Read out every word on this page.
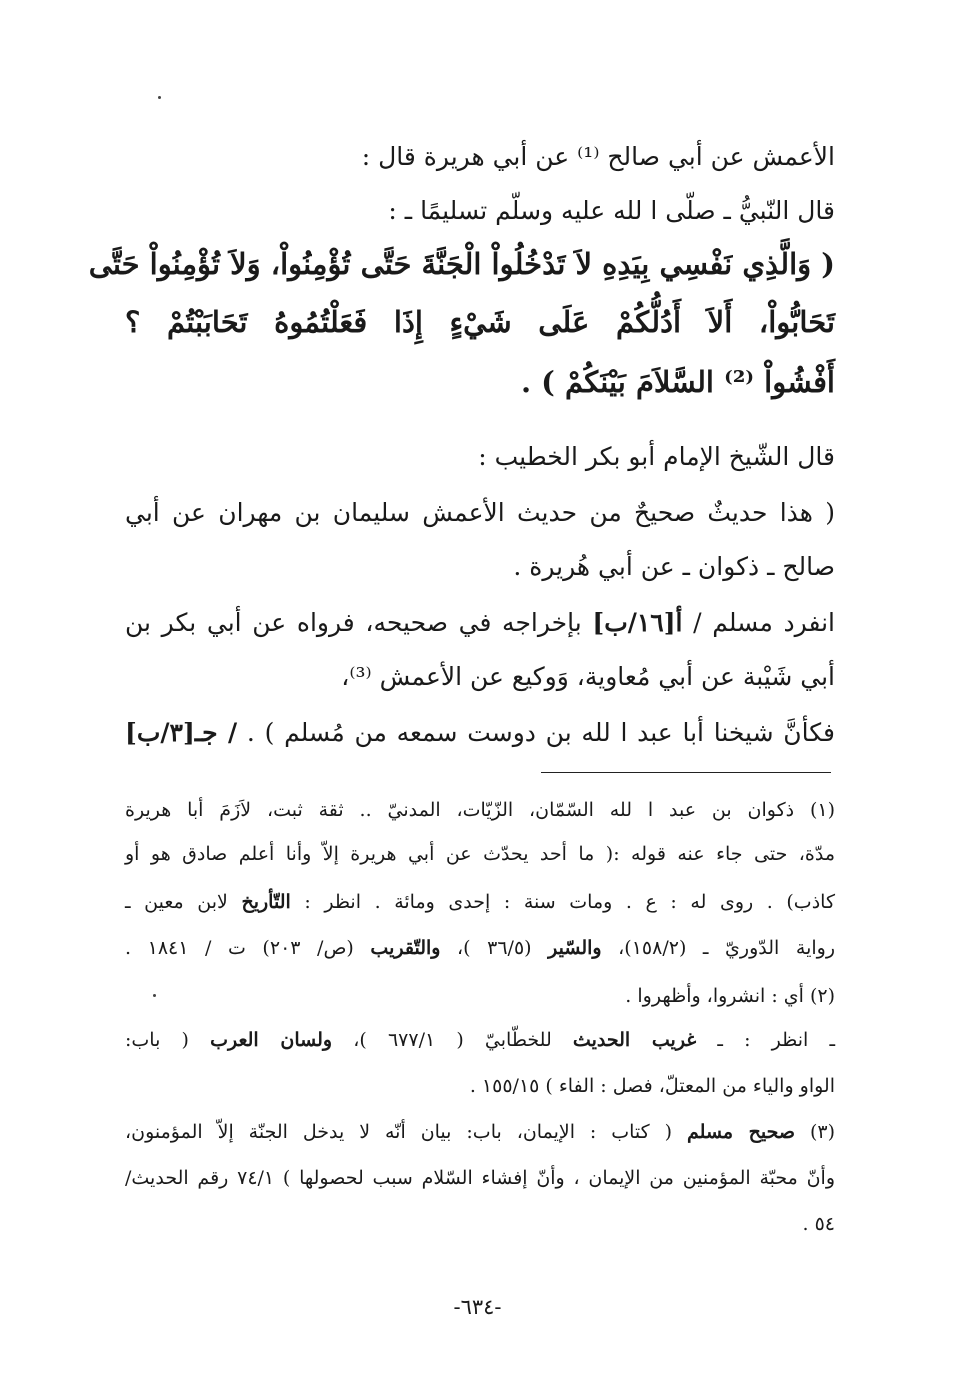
الأعمش عن أبي صالح ⁽¹⁾ عن أبي هريرة قال :
قال النّبيُّ ـ صلّى ا لله عليه وسلّم تسليمًا ـ :
( وَالَّذِي نَفْسِي بِيَدِهِ لاَ تَدْخُلُواْ الْجَنَّةَ حَتَّى تُؤْمِنُواْ، وَلاَ تُؤْمِنُواْ حَتَّى
تَحَابُّواْ، أَلاَ أَدُلُّكُمْ عَلَى شَيْءٍ إِذَا فَعَلْتُمُوهُ تَحَابَبْتُمْ ؟
أَفْشُواْ ⁽²⁾ السَّلاَمَ بَيْنَكُمْ ) .
قال الشّيخ الإمام أبو بكر الخطيب :
( هذا حديثٌ صحيحٌ من حديث الأعمش سليمان بن مهران عن أبي
صالح ـ ذكوان ـ عن أبي هُريرة .
انفرد مسلم / أ[١٦/ب] بإخراجه في صحيحه، فرواه عن أبي بكر بن
أبي شَيْبة عن أبي مُعاوية، وَوكيع عن الأعمش ⁽³⁾،
فكأنَّ شيخنا أبا عبد ا لله بن دوست سمعه من مُسلم ) . / جـ[٣/ب]
(١) ذكوان بن عبد ا لله السّمّان، الزّيّات، المدنيّ .. ثقة ثبت، لاَزَمَ أبا هريرة
مدّة، حتى جاء عنه قوله :( ما أحد يحدّث عن أبي هريرة إلاّ وأنا أعلم صادق هو أو
كاذب) . روى له : ع . ومات سنة : إحدى ومائة . انظر : التّأريخ لابن معين ـ
رواية الدّوريّ ـ (١٥٨/٢)، والسّير (٣٦/٥ )، والتّقريب (ص/ ٢٠٣) ت / ١٨٤١ .
(٢) أي : انشروا، وأظهروا .
ـ انظر : ـ غريب الحديث للخطّابيّ ( ٦٧٧/١ )، ولسان العرب ( باب:
الواو والياء من المعتلّ، فصل : الفاء ) ١٥٥/١٥ .
(٣) صحيح مسلم ( كتاب : الإيمان، باب: بيان أنّه لا يدخل الجنّة إلاّ المؤمنون،
وأنّ محبّة المؤمنين من الإيمان ، وأنّ إفشاء السّلام سبب لحصولها ) ٧٤/١ رقم الحديث/
٥٤ .
-٦٣٤-
